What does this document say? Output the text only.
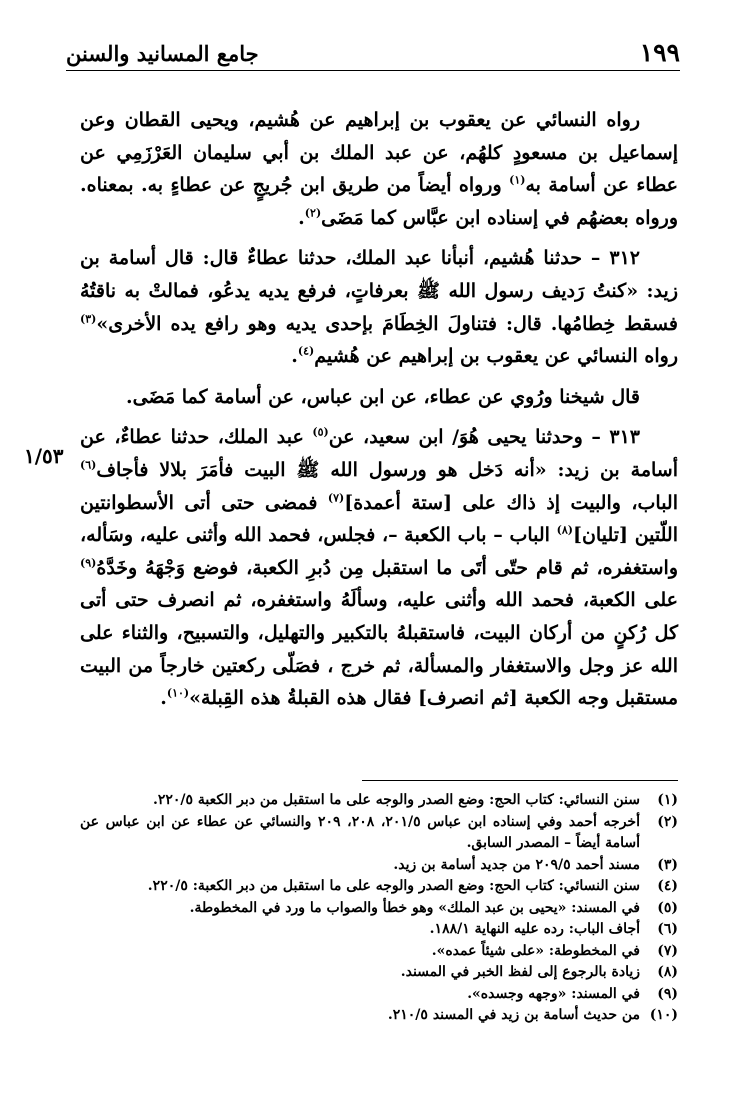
١٩٩
جامع المسانيد والسنن
١/٥٣

رواه النسائي عن يعقوب بن إبراهيم عن هُشيم، ويحيى القطان وعن إسماعيل بن مسعودٍ كلهُم، عن عبد الملك بن أبي سليمان العَرْزَمِي عن عطاء عن أسامة به$^{(١)}$ ورواه أيضاً من طريق ابن جُريجٍ عن عطاءٍ به. بمعناه. ورواه بعضهُم في إسناده ابن عبَّاس كما مَضَى$^{(٢)}$.

٣١٢ – حدثنا هُشيم، أنبأنا عبد الملك، حدثنا عطاءٌ قال: قال أسامة بن زيد: «كنتُ رَديف رسول الله ﷺ بعرفاتٍ، فرفع يديه يدعُو، فمالتْ به ناقتُهُ فسقط خِطامُها. قال: فتناولَ الخِطَامَ بإحدى يديه وهو رافع يده الأخرى»$^{(٣)}$ رواه النسائي عن يعقوب بن إبراهيم عن هُشيم$^{(٤)}$.

قال شيخنا ورُوي عن عطاء، عن ابن عباس، عن أسامة كما مَضَى.

٣١٣ – وحدثنا يحيى هُوَ/ ابن سعيد، عن$^{(٥)}$ عبد الملك، حدثنا عطاءٌ، عن أسامة بن زيد: «أنه دَخل هو ورسول الله ﷺ البيت فأمَرَ بلالا فأجاف$^{(٦)}$ الباب، والبيت إذ ذاك على [ستة أعمدة]$^{(٧)}$ فمضى حتى أتى الأسطوانتين اللّتين [تليان]$^{(٨)}$ الباب – باب الكعبة –، فجلس، فحمد الله وأثنى عليه، وسَأله، واستغفره، ثم قام حتّى أتَى ما استقبل مِن دُبرِ الكعبة، فوضع وَجْهَهُ وخَدَّهُ$^{(٩)}$ على الكعبة، فحمد الله وأثنى عليه، وسألَهُ واستغفره، ثم انصرف حتى أتى كل رُكنٍ من أركان البيت، فاستقبلهُ بالتكبير والتهليل، والتسبيح، والثناء على الله عز وجل والاستغفار والمسألة، ثم خرج ، فصَلّى ركعتين خارجاً من البيت مستقبل وجه الكعبة [ثم انصرف] فقال هذه القبلةُ هذه القِبلة»$^{(١٠)}$.

(١)
سنن النسائي: كتاب الحج: وضع الصدر والوجه على ما استقبل من دبر الكعبة ٢٢٠/٥.
(٢)
أخرجه أحمد وفي إسناده ابن عباس ٢٠١/٥، ٢٠٨، ٢٠٩ والنسائي عن عطاء عن ابن عباس عن أسامة أيضاً – المصدر السابق.
(٣)
مسند أحمد ٢٠٩/٥ من جديد أسامة بن زيد.
(٤)
سنن النسائي: كتاب الحج: وضع الصدر والوجه على ما استقبل من دبر الكعبة: ٢٢٠/٥.
(٥)
في المسند: «يحيى بن عبد الملك» وهو خطأ والصواب ما ورد في المخطوطة.
(٦)
أجاف الباب: رده عليه النهاية ١٨٨/١.
(٧)
في المخطوطة: «على شيئاً عمده».
(٨)
زيادة بالرجوع إلى لفظ الخبر في المسند.
(٩)
في المسند: «وجهه وجسده».
(١٠)
من حديث أسامة بن زيد في المسند ٢١٠/٥.
